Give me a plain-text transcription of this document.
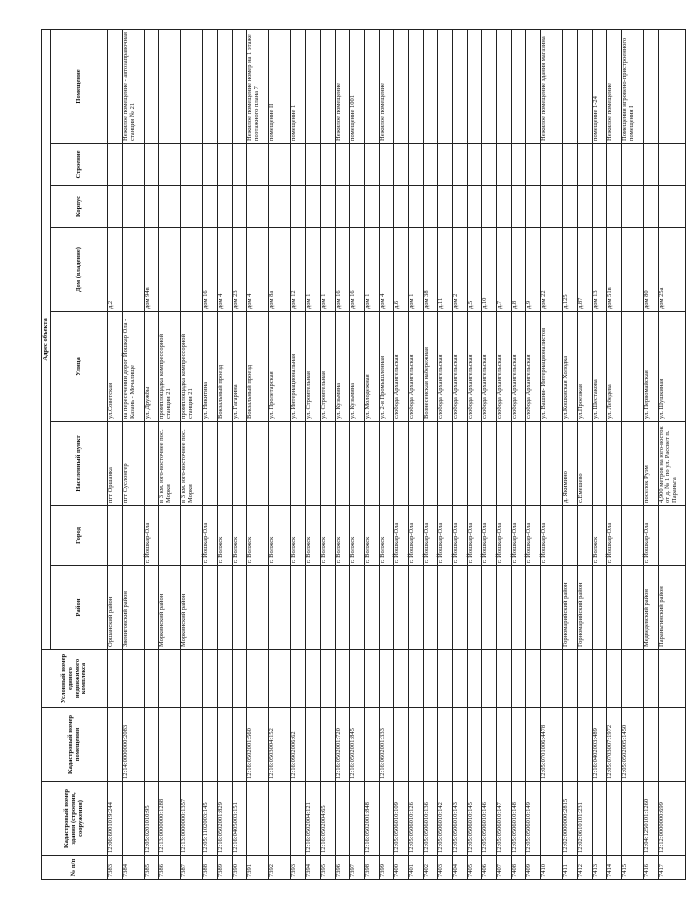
№ п/п	Кадастровый номер здания (строения, сооружения)	Кадастровый номер помещения	Условный номер единого недвижимого комплекса	Адрес объекта							
				Район	Город	Населенный пункт	Улица	Дом (владение)	Корпус	Строение	Помещение
7383	12:06:6001019:244			Оршанский район		пгт Оршанка	ул.Советская	д.2			
7384		12:14:0000000:2083		Звениговский район		пгт Суслонгер	на пересечении дорог Йошкар Ола - Казань - Мочалище				Нежилое помещение - автозаправочная станция № 21
7385	12:05:0201010:95				г. Йошкар-Ола		ул. Дружбы	дом 94в			
7386	12:13:0000000:1288			Моркинский район		в 3 км. юго-восточнее пос. Морки	промплощадка компрессорной станции 21				
7387	12:13:0000000:1357			Моркинский район		в 3 км. юго-восточнее пос. Морки	промплощадка компрессорной станции 21				
7388	12:05:1102003:145				г. Йошкар-Ола		ул. Никитина	дом 16			
7389	12:16:0502001:829				г. Волжск		Вокзальный проезд	дом 4			
7390	12:16:0405003:151				г. Волжск		ул. Гагарина	дом 23			
7391		12:16:0502001:560			г. Волжск		Вокзальный проезд	дом 4			Нежилое помещение номер на 1 этаже поэтажного плана 7
7392		12:16:0503004:152			г. Волжск		ул. Пролетарская	дом 8а			помещение II
7393		12:16:0902006:62			г. Волжск		ул. Интернациональная	дом 12			помещение 1
7394	12:16:0502004:121				г. Волжск		ул. Строительная	дом 1			
7395	12:16:0502004:65				г. Волжск		ул. Строительная	дом 1			
7396		12:16:0502001:720			г. Волжск		ул. Кузьмина	дом 16			Нежилое помещение
7397		12:16:0502001:845			г. Волжск		ул. Кузьмина	дом 16			помещение 1001
7398	12:16:0502001:848				г. Волжск		ул. Молодежная	дом 1			
7399		12:16:0602001:333			г. Волжск		ул. 2-я Промышленная	дом 4			Нежилое помещение
7400	12:05:0506010:109				г. Йошкар-Ола		слобода Архангельская	д.6			
7401	12:05:0506010:126				г. Йошкар-Ола		слобода Архангельская	дом 1			
7402	12:05:0506010:136				г. Йошкар-Ола		Вознесенская набережная	дом 38			
7403	12:05:0506010:142				г. Йошкар-Ола		слобода Архангельская	д.11			
7404	12:05:0506010:143				г. Йошкар-Ола		слобода Архангельская	дом 2			
7405	12:05:0506010:145				г. Йошкар-Ола		слобода Архангельская	д.5			
7406	12:05:0506010:146				г. Йошкар-Ола		слобода Архангельская	д.10			
7407	12:05:0506010:147				г. Йошкар-Ола		слобода Архангельская	д.7			
7408	12:05:0506010:148				г. Йошкар-Ола		слобода Архангельская	д.8			
7409	12:05:0506010:149				г. Йошкар-Ола		слобода Архангельская	д.9			
7410		12:05:0701006:4478			г. Йошкар-Ола		ул. Вашни- Интернационалистов	дом 22			Нежилое помещение здания магазина
7411	12:02:0000000:2815			Горномарийский район		д. Якимино	ул.Кошкиская Холодка	д.125			
7412	12:02:0610101:231			Горномарийский район		с.Емешево	ул.Проезжая	д.87			
7413		12:16:0402003:489			г. Волжск		ул. Шестакова	дом 13			помещение 1-24
7414		12:05:0703007:1972			г. Йошкар-Ола		ул. Лебедева	дом 51в			Нежилое помещение
7415		12:05:0502005:1450									Помещения игровено-пристроенного помещения I
7416	12:04:1250101:1260			Медведевский район	г. Йошкар-Ола	поселок Руэм	ул. Первомайская	дом 80			
7417	12:12:0000000:699			Параньгинский район		4,900 метров на юго-восток от д. № 1 по ул. Рассвет п. Параньга	ул. Шушкиная	дом 25а			
